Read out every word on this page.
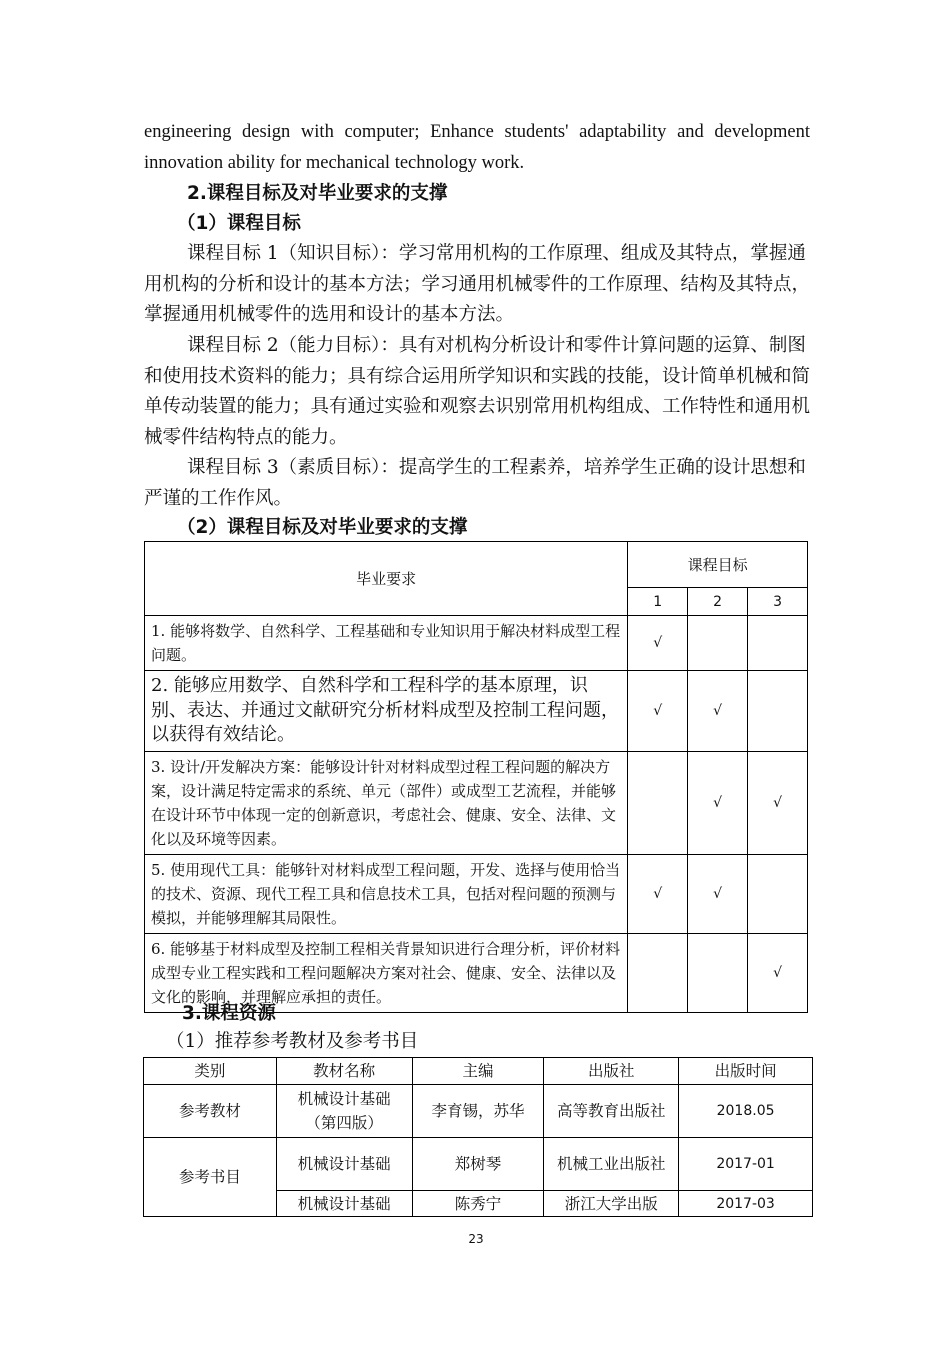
engineering design with computer; Enhance students' adaptability and development innovation ability for mechanical technology work.

2.课程目标及对毕业要求的支撑

（1）课程目标

课程目标 1（知识目标）：学习常用机构的工作原理、组成及其特点，掌握通用机构的分析和设计的基本方法；学习通用机械零件的工作原理、结构及其特点，掌握通用机械零件的选用和设计的基本方法。

课程目标 2（能力目标）：具有对机构分析设计和零件计算问题的运算、制图和使用技术资料的能力；具有综合运用所学知识和实践的技能，设计简单机械和简单传动装置的能力；具有通过实验和观察去识别常用机构组成、工作特性和通用机械零件结构特点的能力。

课程目标 3（素质目标）：提高学生的工程素养，培养学生正确的设计思想和严谨的工作作风。

（2）课程目标及对毕业要求的支撑

毕业要求	课程目标		
	1	2	3
1. 能够将数学、自然科学、工程基础和专业知识用于解决材料成型工程问题。	√		
2. 能够应用数学、自然科学和工程科学的基本原理，识别、表达、并通过文献研究分析材料成型及控制工程问题，以获得有效结论。	√	√	
3. 设计/开发解决方案：能够设计针对材料成型过程工程问题的解决方案，设计满足特定需求的系统、单元（部件）或成型工艺流程，并能够在设计环节中体现一定的创新意识，考虑社会、健康、安全、法律、文化以及环境等因素。		√	√
5. 使用现代工具：能够针对材料成型工程问题，开发、选择与使用恰当的技术、资源、现代工程工具和信息技术工具，包括对程问题的预测与模拟，并能够理解其局限性。	√	√	
6. 能够基于材料成型及控制工程相关背景知识进行合理分析，评价材料成型专业工程实践和工程问题解决方案对社会、健康、安全、法律以及文化的影响，并理解应承担的责任。			√

3.课程资源

（1）推荐参考教材及参考书目

类别	教材名称	主编	出版社	出版时间
参考教材	机械设计基础（第四版）	李育锡，苏华	高等教育出版社	2018.05
参考书目	机械设计基础	郑树琴	机械工业出版社	2017-01
	机械设计基础	陈秀宁	浙江大学出版	2017-03
23
